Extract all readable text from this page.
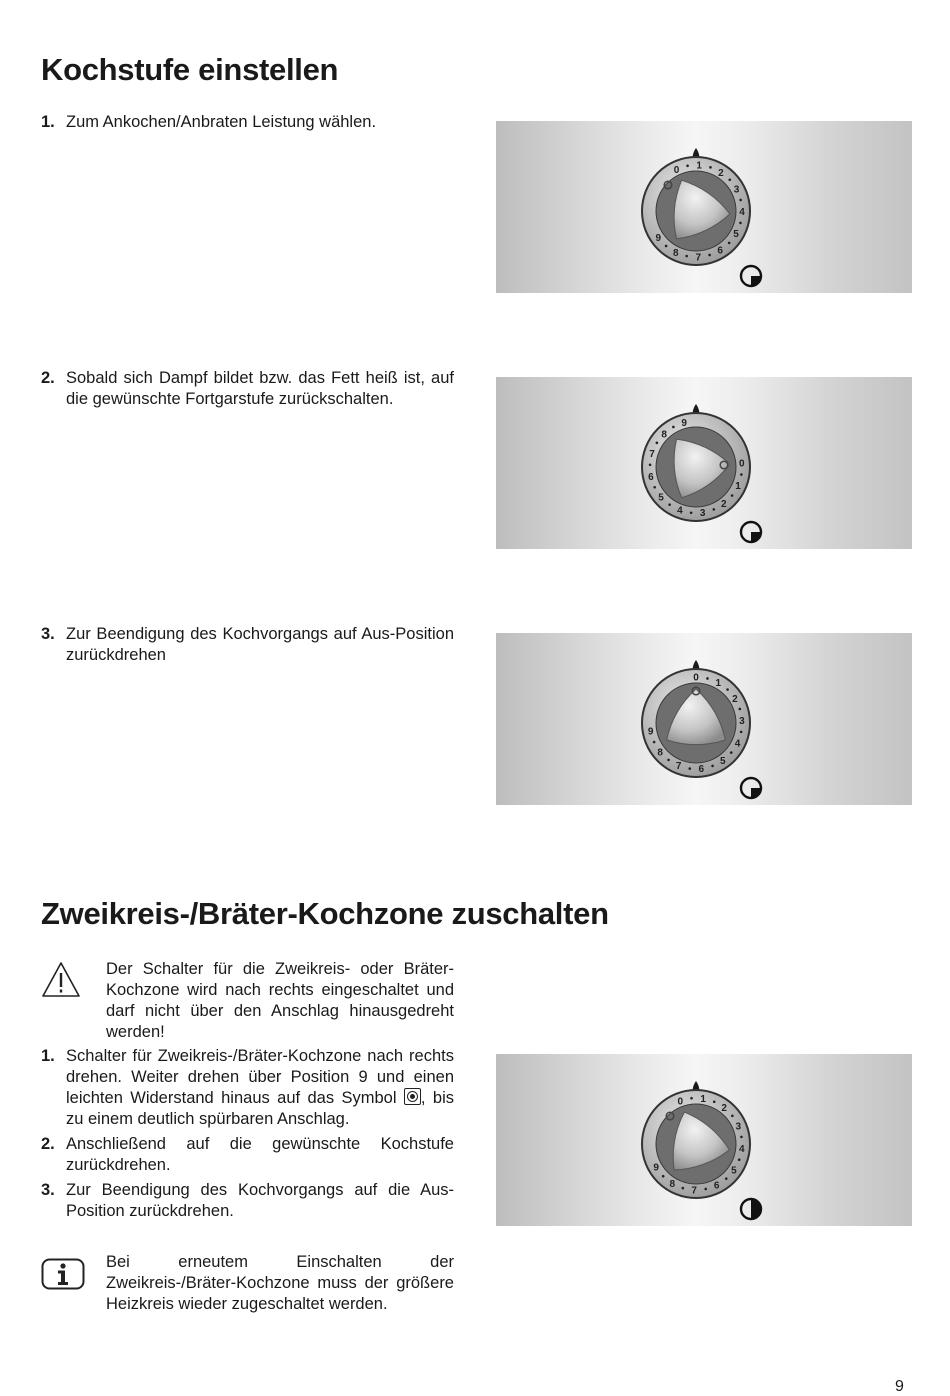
Kochstufe einstellen
1. Zum Ankochen/Anbraten Leistung wählen.
2. Sobald sich Dampf bildet bzw. das Fett heiß ist, auf die gewünschte Fortgarstufe zurückschalten.
3. Zur Beendigung des Kochvorgangs auf Aus-Position zurückdrehen
0 1
2
3
4
5
6
7
8
9
0
1
2
3
4
5
6
7
8
9
0
1
2
3
4
5
6
7
8
9
Zweikreis-/Bräter-Kochzone zuschalten
Der Schalter für die Zweikreis- oder Bräter-Kochzone wird nach rechts eingeschaltet und darf nicht über den Anschlag hinausgedreht werden!
1. Schalter für Zweikreis-/Bräter-Kochzone nach rechts drehen. Weiter drehen über Position 9 und einen leichten Widerstand hinaus auf das Symbol , bis zu einem deutlich spürbaren Anschlag.
2. Anschließend auf die gewünschte Kochstufe zurückdrehen.
3. Zur Beendigung des Kochvorgangs auf die Aus-Position zurückdrehen.
0 1
2
3
4
5
6
7
8
9
Bei erneutem Einschalten der Zweikreis-/Bräter-Kochzone muss der größere Heizkreis wieder zugeschaltet werden.
9
